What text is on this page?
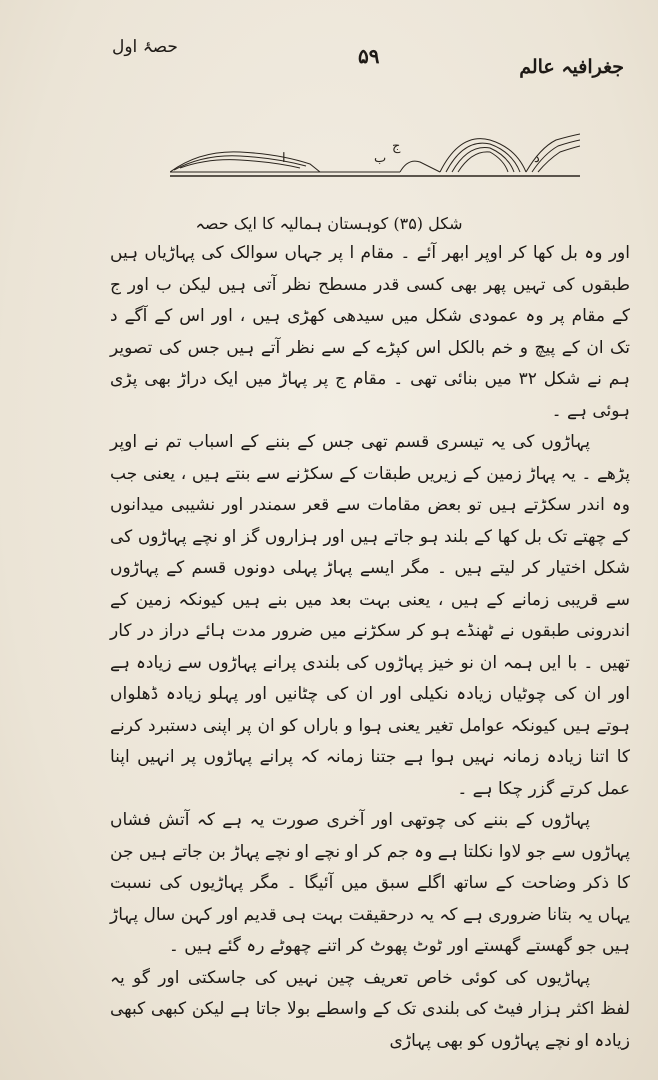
حصۂ اول	۵۹	جغرافیہ عالم
د
ج
ب
ا
شکل (۳۵) کوہستان ہمالیہ کا ایک حصہ

اور وہ بل کھا کر اوپر ابھر آئے ۔ مقام ا پر جہاں سوالک کی پہاڑیاں ہیں طبقوں کی تہیں پھر بھی کسی قدر مسطح نظر آتی ہیں لیکن ب اور ج کے مقام پر وہ عمودی شکل میں سیدھی کھڑی ہیں ، اور اس کے آگے د تک ان کے پیچ و خم بالکل اس کپڑے کے سے نظر آتے ہیں جس کی تصویر ہم نے شکل ۳۲ میں بنائی تھی ۔ مقام ج پر پہاڑ میں ایک دراڑ بھی پڑی ہوئی ہے ۔

پہاڑوں کی یہ تیسری قسم تھی جس کے بننے کے اسباب تم نے اوپر پڑھے ۔ یہ پہاڑ زمین کے زیریں طبقات کے سکڑنے سے بنتے ہیں ، یعنی جب وہ اندر سکڑتے ہیں تو بعض مقامات سے قعر سمندر اور نشیبی میدانوں کے چھتے تک بل کھا کے بلند ہو جاتے ہیں اور ہزاروں گز او نچے پہاڑوں کی شکل اختیار کر لیتے ہیں ۔ مگر ایسے پہاڑ پہلی دونوں قسم کے پہاڑوں سے قریبی زمانے کے ہیں ، یعنی بہت بعد میں بنے ہیں کیونکہ زمین کے اندرونی طبقوں نے ٹھنڈے ہو کر سکڑنے میں ضرور مدت ہائے دراز در کار تھیں ۔ با ایں ہمہ ان نو خیز پہاڑوں کی بلندی پرانے پہاڑوں سے زیادہ ہے اور ان کی چوٹیاں زیادہ نکیلی اور ان کی چٹانیں اور پہلو زیادہ ڈھلواں ہوتے ہیں کیونکہ عوامل تغیر یعنی ہوا و باراں کو ان پر اپنی دستبرد کرنے کا اتنا زیادہ زمانہ نہیں ہوا ہے جتنا زمانہ کہ پرانے پہاڑوں پر انہیں اپنا عمل کرتے گزر چکا ہے ۔

پہاڑوں کے بننے کی چوتھی اور آخری صورت یہ ہے کہ آتش فشاں پہاڑوں سے جو لاوا نکلتا ہے وہ جم کر او نچے او نچے پہاڑ بن جاتے ہیں جن کا ذکر وضاحت کے ساتھ اگلے سبق میں آئیگا ۔ مگر پہاڑیوں کی نسبت یہاں یہ بتانا ضروری ہے کہ یہ درحقیقت بہت ہی قدیم اور کہن سال پہاڑ ہیں جو گھستے گھستے اور ٹوٹ پھوٹ کر اتنے چھوٹے رہ گئے ہیں ۔

پہاڑیوں کی کوئی خاص تعریف چین نہیں کی جاسکتی اور گو یہ لفظ اکثر ہزار فیٹ کی بلندی تک کے واسطے بولا جاتا ہے لیکن کبھی کبھی زیادہ او نچے پہاڑوں کو بھی پہاڑی
